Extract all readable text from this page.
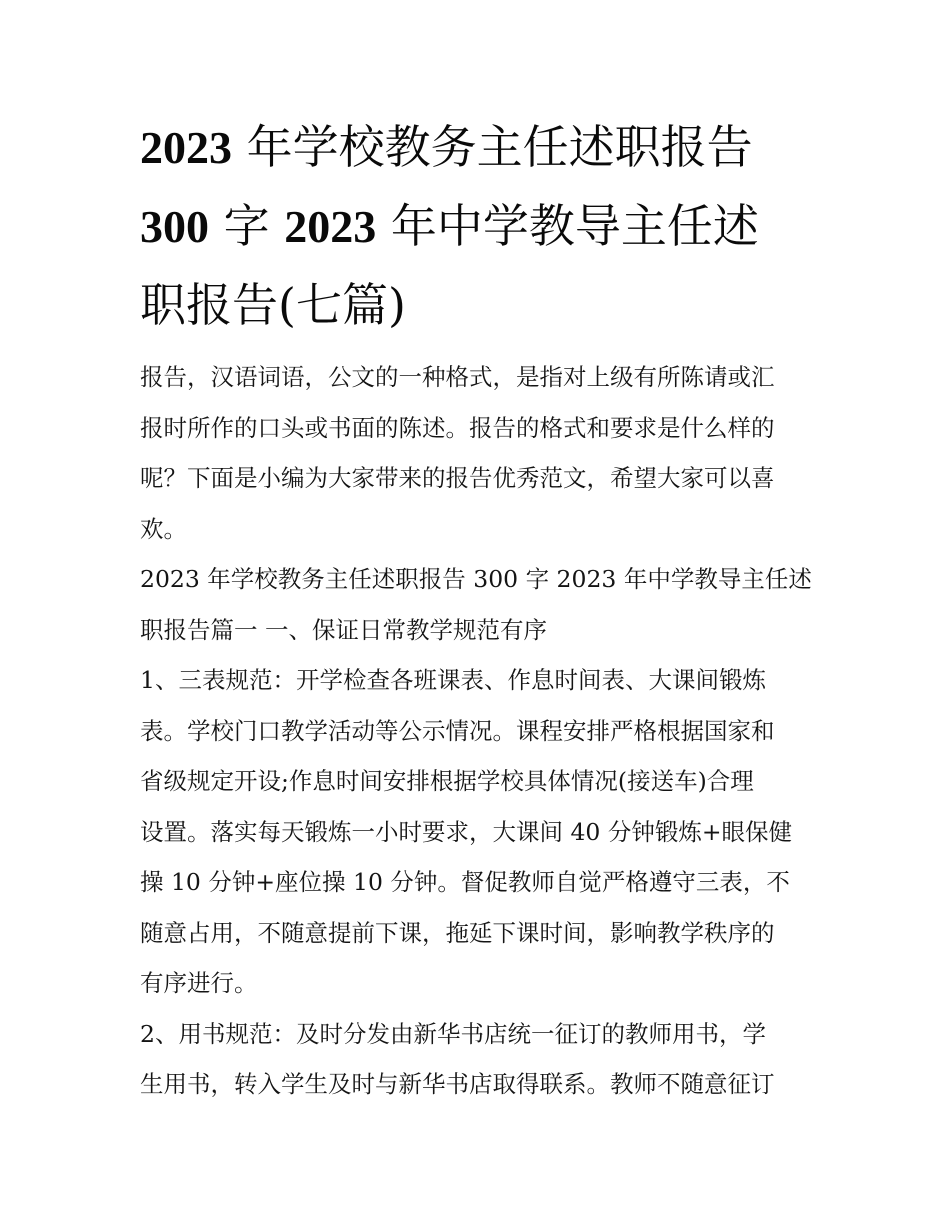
2023 年学校教务主任述职报告
300 字 2023 年中学教导主任述
职报告(七篇)
报告，汉语词语，公文的一种格式，是指对上级有所陈请或汇
报时所作的口头或书面的陈述。报告的格式和要求是什么样的
呢？下面是小编为大家带来的报告优秀范文，希望大家可以喜
欢。
2023 年学校教务主任述职报告 300 字 2023 年中学教导主任述
职报告篇一 一、保证日常教学规范有序
1、三表规范：开学检查各班课表、作息时间表、大课间锻炼
表。学校门口教学活动等公示情况。课程安排严格根据国家和
省级规定开设;作息时间安排根据学校具体情况(接送车)合理
设置。落实每天锻炼一小时要求，大课间 40 分钟锻炼+眼保健
操 10 分钟+座位操 10 分钟。督促教师自觉严格遵守三表，不
随意占用，不随意提前下课，拖延下课时间，影响教学秩序的
有序进行。
2、用书规范：及时分发由新华书店统一征订的教师用书，学
生用书，转入学生及时与新华书店取得联系。教师不随意征订
